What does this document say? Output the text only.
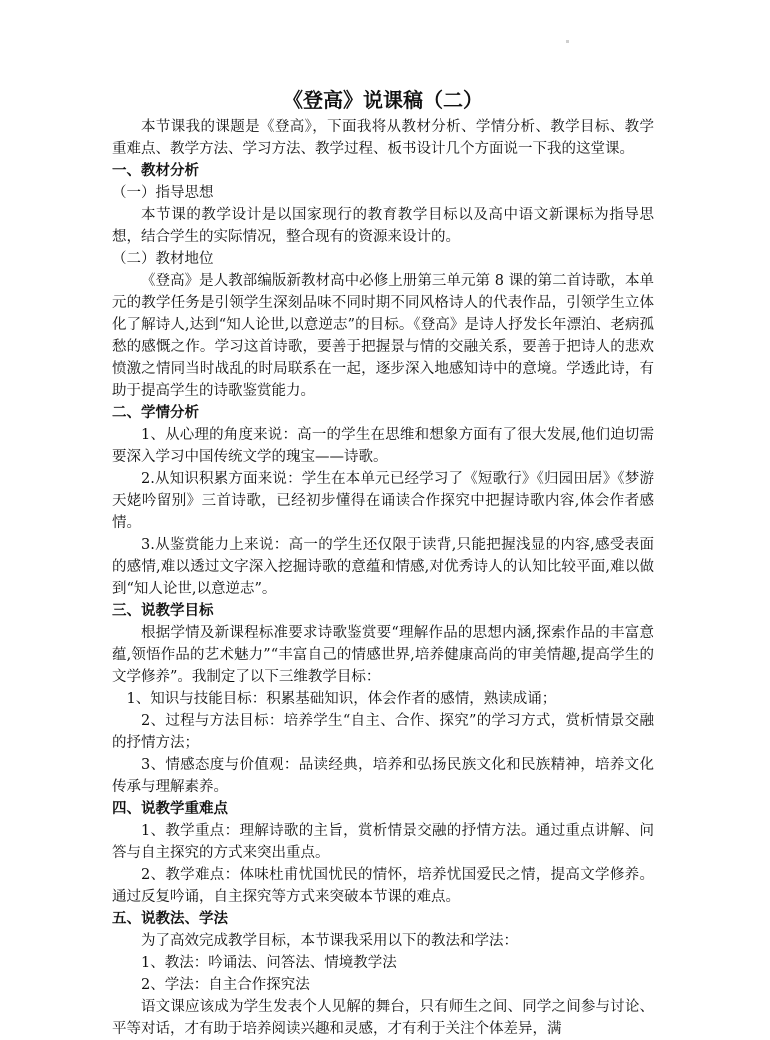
《登高》说课稿（二）

本节课我的课题是《登高》，下面我将从教材分析、学情分析、教学目标、教学重难点、教学方法、学习方法、教学过程、板书设计几个方面说一下我的这堂课。

一、教材分析

（一）指导思想

本节课的教学设计是以国家现行的教育教学目标以及高中语文新课标为指导思想，结合学生的实际情况，整合现有的资源来设计的。

（二）教材地位

《登高》是人教部编版新教材高中必修上册第三单元第 8 课的第二首诗歌，本单元的教学任务是引领学生深刻品味不同时期不同风格诗人的代表作品，引领学生立体化了解诗人,达到“知人论世,以意逆志”的目标。《登高》是诗人抒发长年漂泊、老病孤愁的感慨之作。学习这首诗歌，要善于把握景与情的交融关系，要善于把诗人的悲欢愤激之情同当时战乱的时局联系在一起，逐步深入地感知诗中的意境。学透此诗，有助于提高学生的诗歌鉴赏能力。

二、学情分析

1、从心理的角度来说：高一的学生在思维和想象方面有了很大发展,他们迫切需要深入学习中国传统文学的瑰宝——诗歌。

2.从知识积累方面来说：学生在本单元已经学习了《短歌行》《归园田居》《梦游天姥吟留别》三首诗歌，已经初步懂得在诵读合作探究中把握诗歌内容,体会作者感情。

3.从鉴赏能力上来说：高一的学生还仅限于读背,只能把握浅显的内容,感受表面的感情,难以透过文字深入挖掘诗歌的意蕴和情感,对优秀诗人的认知比较平面,难以做到“知人论世,以意逆志”。

三、说教学目标

根据学情及新课程标准要求诗歌鉴赏要“理解作品的思想内涵,探索作品的丰富意蕴,领悟作品的艺术魅力”“丰富自己的情感世界,培养健康高尚的审美情趣,提高学生的文学修养”。我制定了以下三维教学目标：

1、知识与技能目标：积累基础知识，体会作者的感情，熟读成诵；

2、过程与方法目标：培养学生“自主、合作、探究”的学习方式，赏析情景交融的抒情方法；

3、情感态度与价值观：品读经典，培养和弘扬民族文化和民族精神，培养文化传承与理解素养。

四、说教学重难点

1、教学重点：理解诗歌的主旨，赏析情景交融的抒情方法。通过重点讲解、问答与自主探究的方式来突出重点。

2、教学难点：体味杜甫忧国忧民的情怀，培养忧国爱民之情，提高文学修养。通过反复吟诵，自主探究等方式来突破本节课的难点。

五、说教法、学法

为了高效完成教学目标，本节课我采用以下的教法和学法：

1、教法：吟诵法、问答法、情境教学法

2、学法：自主合作探究法

语文课应该成为学生发表个人见解的舞台，只有师生之间、同学之间参与讨论、平等对话，才有助于培养阅读兴趣和灵感，才有利于关注个体差异，满
